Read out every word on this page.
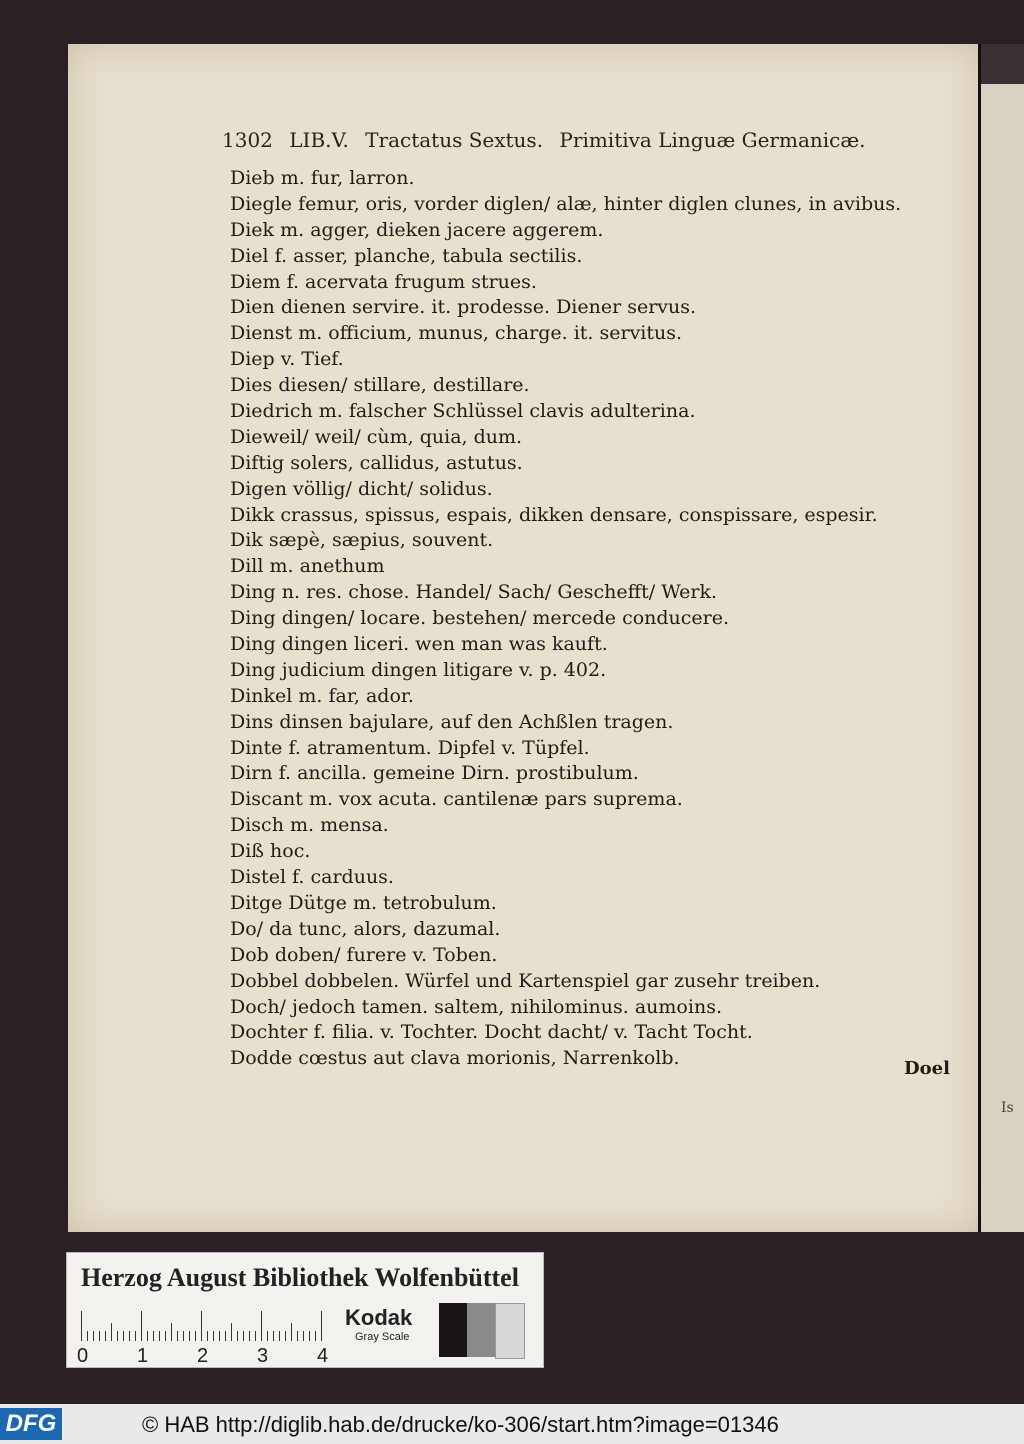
Is
1302 LIB.V. Tractatus Sextus. Primitiva Linguæ Germanicæ.
Dieb m. fur, larron.
Diegle femur, oris, vorder diglen/ alæ, hinter diglen clunes, in avibus.
Diek m. agger, dieken jacere aggerem.
Diel f. asser, planche, tabula sectilis.
Diem f. acervata frugum strues.
Dien dienen servire. it. prodesse. Diener servus.
Dienst m. officium, munus, charge. it. servitus.
Diep v. Tief.
Dies diesen/ stillare, destillare.
Diedrich m. falscher Schlüssel clavis adulterina.
Dieweil/ weil/ cùm, quia, dum.
Diftig solers, callidus, astutus.
Digen völlig/ dicht/ solidus.
Dikk crassus, spissus, espais, dikken densare, conspissare, espesir.
Dik sæpè, sæpius, souvent.
Dill m. anethum
Ding n. res. chose. Handel/ Sach/ Geschefft/ Werk.
Ding dingen/ locare. bestehen/ mercede conducere.
Ding dingen liceri. wen man was kauft.
Ding judicium dingen litigare v. p. 402.
Dinkel m. far, ador.
Dins dinsen bajulare, auf den Achßlen tragen.
Dinte f. atramentum. Dipfel v. Tüpfel.
Dirn f. ancilla. gemeine Dirn. prostibulum.
Discant m. vox acuta. cantilenæ pars suprema.
Disch m. mensa.
Diß hoc.
Distel f. carduus.
Ditge Dütge m. tetrobulum.
Do/ da tunc, alors, dazumal.
Dob doben/ furere v. Toben.
Dobbel dobbelen. Würfel und Kartenspiel gar zusehr treiben.
Doch/ jedoch tamen. saltem, nihilominus. aumoins.
Dochter f. filia. v. Tochter. Docht dacht/ v. Tacht Tocht.
Dodde cœstus aut clava morionis, Narrenkolb.	Doel
Herzog August Bibliothek Wolfenbüttel
0 1 2 3 4
Kodak
Gray Scale
DFG	© HAB http://diglib.hab.de/drucke/ko-306/start.htm?image=01346
